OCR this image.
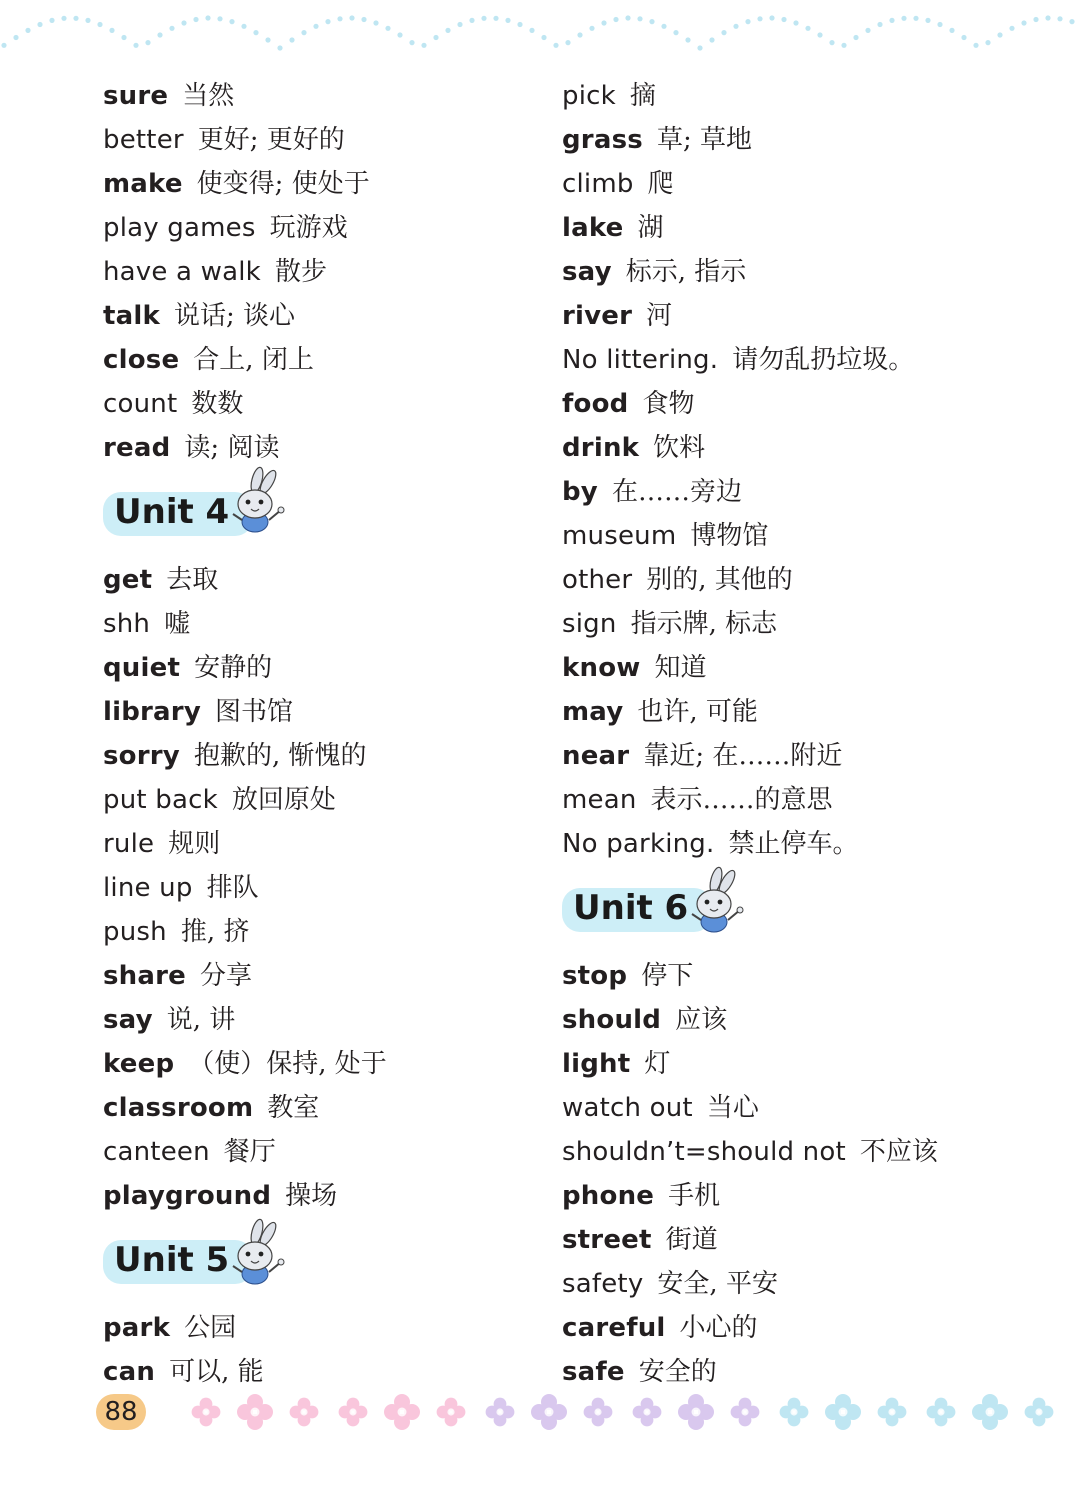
sure 当然
better 更好; 更好的
make 使变得; 使处于
play games 玩游戏
have a walk 散步
talk 说话; 谈心
close 合上, 闭上
count 数数
read 读; 阅读
Unit 4
get 去取
shh 嘘
quiet 安静的
library 图书馆
sorry 抱歉的, 惭愧的
put back 放回原处
rule 规则
line up 排队
push 推, 挤
share 分享
say 说, 讲
keep （使）保持, 处于
classroom 教室
canteen 餐厅
playground 操场
Unit 5
park 公园
can 可以, 能
pick 摘
grass 草; 草地
climb 爬
lake 湖
say 标示, 指示
river 河
No littering. 请勿乱扔垃圾。
food 食物
drink 饮料
by 在……旁边
museum 博物馆
other 别的, 其他的
sign 指示牌, 标志
know 知道
may 也许, 可能
near 靠近; 在……附近
mean 表示……的意思
No parking. 禁止停车。
Unit 6
stop 停下
should 应该
light 灯
watch out 当心
shouldn’t=should not 不应该
phone 手机
street 街道
safety 安全, 平安
careful 小心的
safe 安全的
88
